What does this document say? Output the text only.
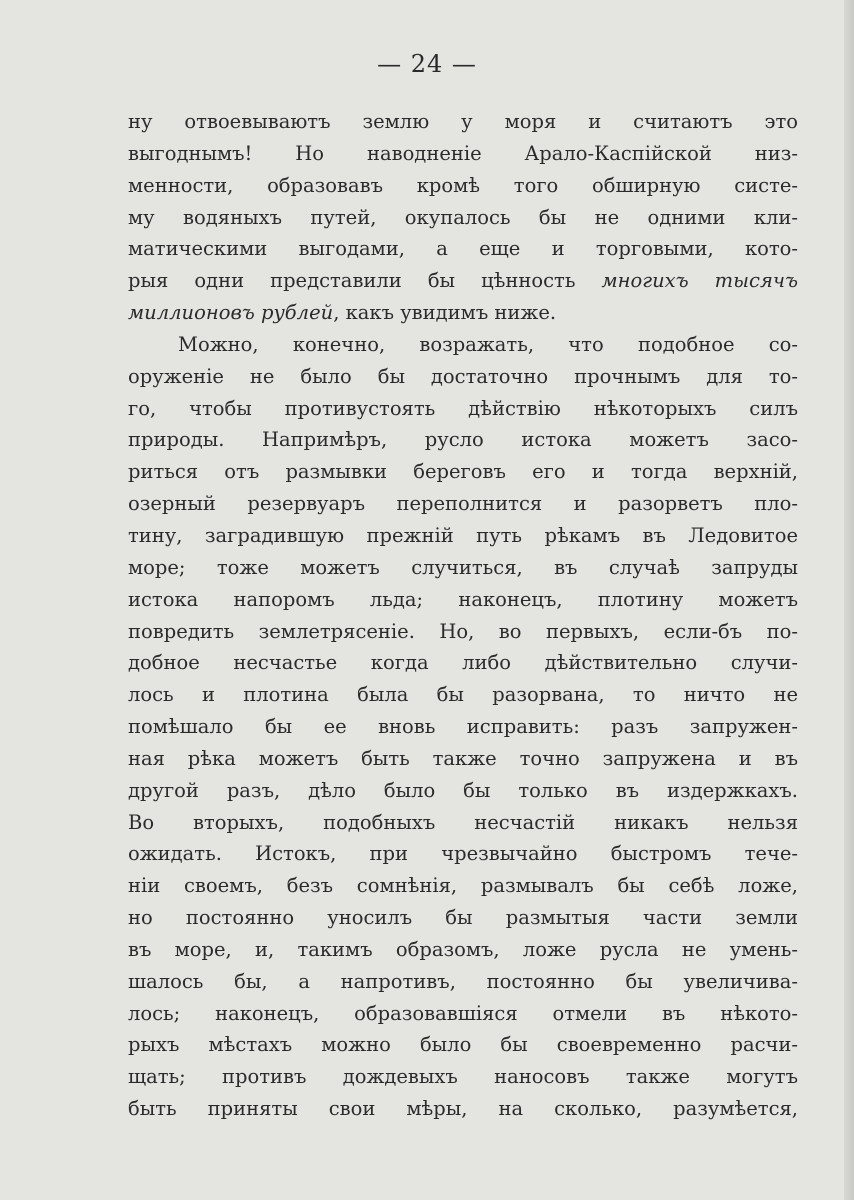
— 24 —
ну отвоевываютъ землю у моря и считаютъ это
выгоднымъ! Но наводненiе Арало-Каспiйской низ-
менности, образовавъ кромѣ того обширную систе-
му водяныхъ путей, окупалось бы не одними кли-
матическими выгодами, а еще и торговыми, кото-
рыя одни представили бы цѣнность многихъ тысячъ
миллионовъ рублей, какъ увидимъ ниже.
Можно, конечно, возражать, что подобное со-
оруженiе не было бы достаточно прочнымъ для то-
го, чтобы противустоять дѣйствiю нѣкоторыхъ силъ
природы. Напримѣръ, русло истока можетъ засо-
риться отъ размывки береговъ его и тогда верхнiй,
озерный резервуаръ переполнится и разорветъ пло-
тину, заградившую прежнiй путь рѣкамъ въ Ледовитое
море; тоже можетъ случиться, въ случаѣ запруды
истока напоромъ льда; наконецъ, плотину можетъ
повредить землетрясенiе. Но, во первыхъ, если-бъ по-
добное несчастье когда либо дѣйствительно случи-
лось и плотина была бы разорвана, то ничто не
помѣшало бы ее вновь исправить: разъ запружен-
ная рѣка можетъ быть также точно запружена и въ
другой разъ, дѣло было бы только въ издержкахъ.
Во вторыхъ, подобныхъ несчастiй никакъ нельзя
ожидать. Истокъ, при чрезвычайно быстромъ тече-
нiи своемъ, безъ сомнѣнiя, размывалъ бы себѣ ложе,
но постоянно уносилъ бы размытыя части земли
въ море, и, такимъ образомъ, ложе русла не умень-
шалось бы, а напротивъ, постоянно бы увеличива-
лось; наконецъ, образовавшiяся отмели въ нѣкото-
рыхъ мѣстахъ можно было бы своевременно расчи-
щать; противъ дождевыхъ наносовъ также могутъ
быть приняты свои мѣры, на сколько, разумѣется,
